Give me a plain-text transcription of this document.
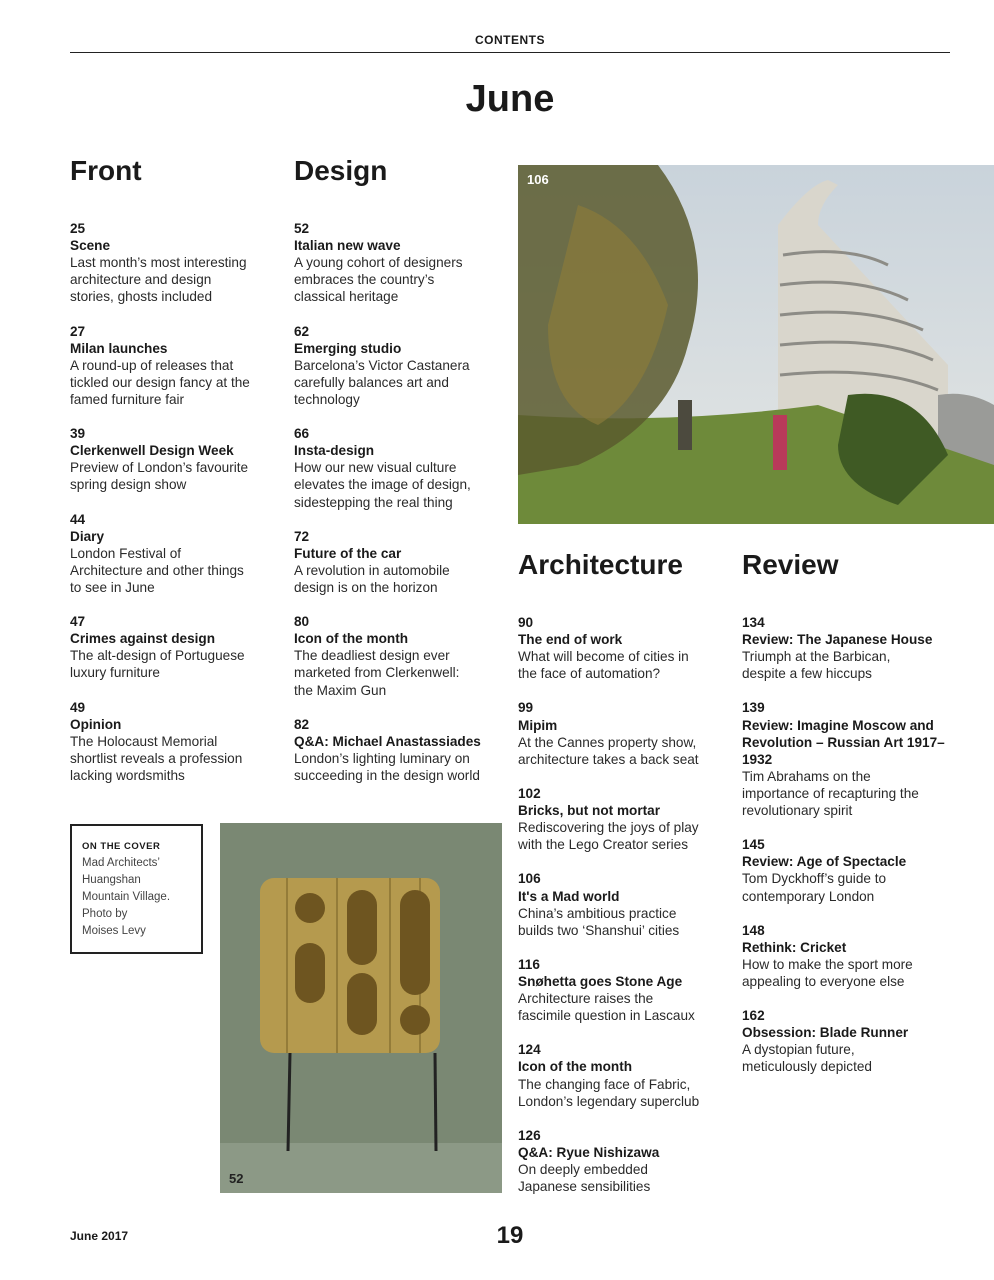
CONTENTS
June
Front	Design
Architecture Review
25
Scene
Last month’s most interesting
architecture and design
stories, ghosts included
27
Milan launches
A round-up of releases that
tickled our design fancy at the
famed furniture fair
39
Clerkenwell Design Week
Preview of London’s favourite
spring design show
44
Diary
London Festival of
Architecture and other things
to see in June
47
Crimes against design
The alt-design of Portuguese
luxury furniture
49
Opinion
The Holocaust Memorial
shortlist reveals a profession
lacking wordsmiths
52
Italian new wave
A young cohort of designers
embraces the country’s
classical heritage
62
Emerging studio
Barcelona’s Victor Castanera
carefully balances art and
technology
66
Insta-design
How our new visual culture
elevates the image of design,
sidestepping the real thing
72
Future of the car
A revolution in automobile
design is on the horizon
80
Icon of the month
The deadliest design ever
marketed from Clerkenwell:
the Maxim Gun
82
Q&A: Michael Anastassiades
London’s lighting luminary on
succeeding in the design world
90
The end of work
What will become of cities in
the face of automation?
99
Mipim
At the Cannes property show,
architecture takes a back seat
102
Bricks, but not mortar
Rediscovering the joys of play
with the Lego Creator series
106
It's a Mad world
China’s ambitious practice
builds two ‘Shanshui’ cities
116
Snøhetta goes Stone Age
Architecture raises the
fascimile question in Lascaux
124
Icon of the month
The changing face of Fabric,
London’s legendary superclub
126
Q&A: Ryue Nishizawa
On deeply embedded
Japanese sensibilities
134
Review: The Japanese House
Triumph at the Barbican,
despite a few hiccups
139
Review: Imagine Moscow and Revolution – Russian Art 1917–1932
Tim Abrahams on the
importance of recapturing the
revolutionary spirit
145
Review: Age of Spectacle
Tom Dyckhoff’s guide to
contemporary London
148
Rethink: Cricket
How to make the sport more
appealing to everyone else
162
Obsession: Blade Runner
A dystopian future,
meticulously depicted
106
52
ON THE COVER
Mad Architects’
Huangshan
Mountain Village.
Photo by
Moises Levy
June 2017	19
